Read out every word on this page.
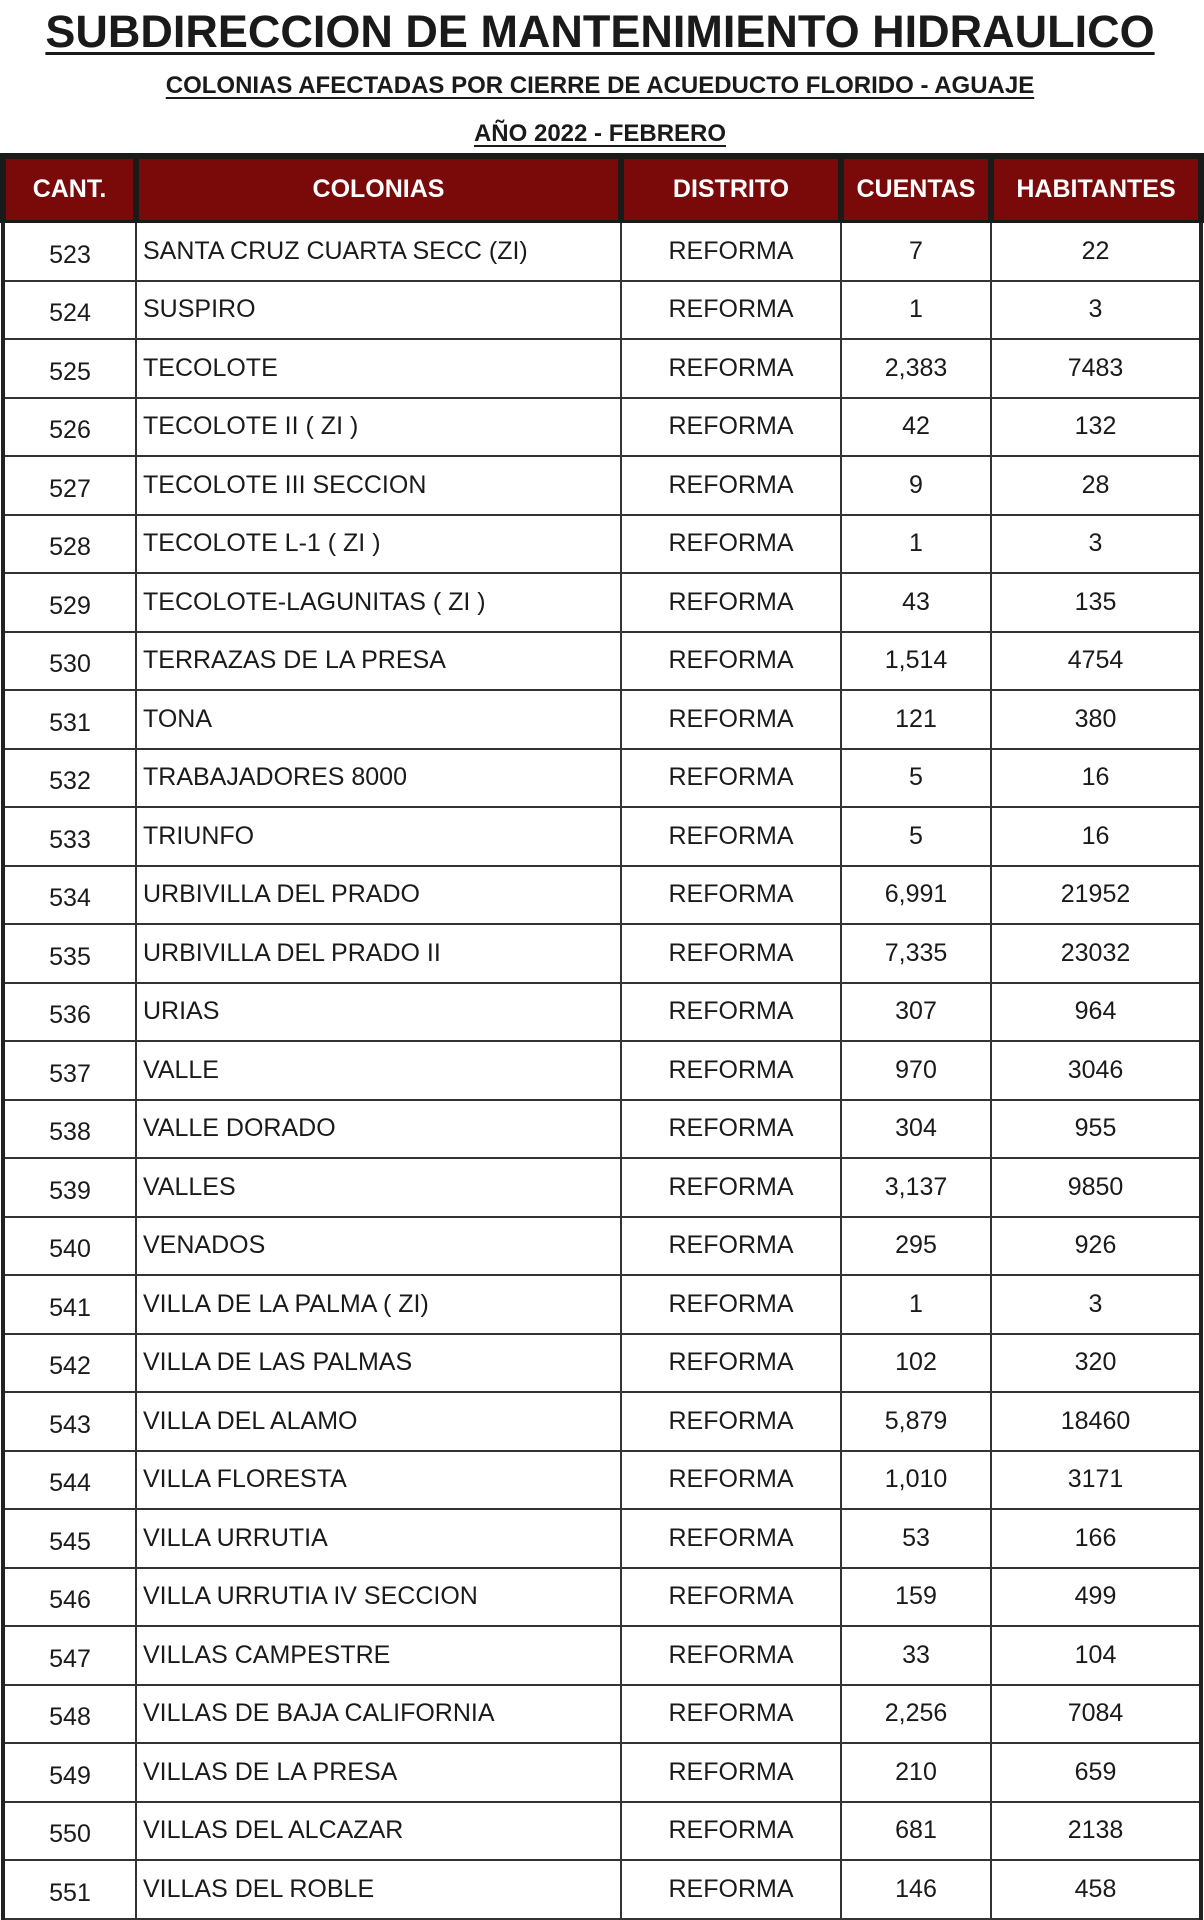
SUBDIRECCION DE MANTENIMIENTO HIDRAULICO
COLONIAS AFECTADAS POR CIERRE DE ACUEDUCTO FLORIDO - AGUAJE
AÑO 2022 - FEBRERO
CANT.	COLONIAS	DISTRITO	CUENTAS	HABITANTES
523	SANTA CRUZ CUARTA SECC (ZI)	REFORMA	7	22
524	SUSPIRO	REFORMA	1	3
525	TECOLOTE	REFORMA	2,383	7483
526	TECOLOTE II ( ZI )	REFORMA	42	132
527	TECOLOTE III SECCION	REFORMA	9	28
528	TECOLOTE L-1 ( ZI )	REFORMA	1	3
529	TECOLOTE-LAGUNITAS ( ZI )	REFORMA	43	135
530	TERRAZAS DE LA PRESA	REFORMA	1,514	4754
531	TONA	REFORMA	121	380
532	TRABAJADORES 8000	REFORMA	5	16
533	TRIUNFO	REFORMA	5	16
534	URBIVILLA DEL PRADO	REFORMA	6,991	21952
535	URBIVILLA DEL PRADO II	REFORMA	7,335	23032
536	URIAS	REFORMA	307	964
537	VALLE	REFORMA	970	3046
538	VALLE DORADO	REFORMA	304	955
539	VALLES	REFORMA	3,137	9850
540	VENADOS	REFORMA	295	926
541	VILLA DE LA PALMA ( ZI)	REFORMA	1	3
542	VILLA DE LAS PALMAS	REFORMA	102	320
543	VILLA DEL ALAMO	REFORMA	5,879	18460
544	VILLA FLORESTA	REFORMA	1,010	3171
545	VILLA URRUTIA	REFORMA	53	166
546	VILLA URRUTIA IV SECCION	REFORMA	159	499
547	VILLAS CAMPESTRE	REFORMA	33	104
548	VILLAS DE BAJA CALIFORNIA	REFORMA	2,256	7084
549	VILLAS DE LA PRESA	REFORMA	210	659
550	VILLAS DEL ALCAZAR	REFORMA	681	2138
551	VILLAS DEL ROBLE	REFORMA	146	458
